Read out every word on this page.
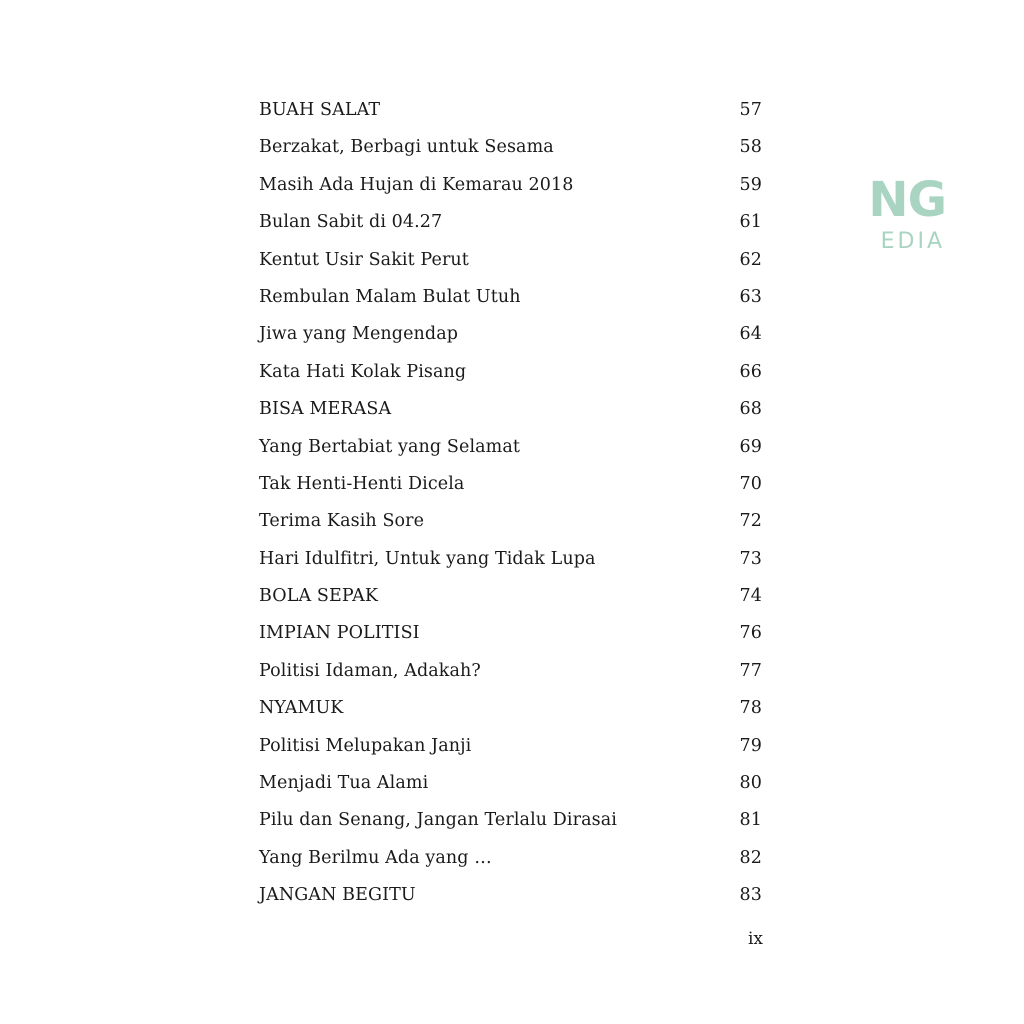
BUAH SALAT	57
Berzakat, Berbagi untuk Sesama	58
Masih Ada Hujan di Kemarau 2018	59
Bulan Sabit di 04.27	61
Kentut Usir Sakit Perut	62
Rembulan Malam Bulat Utuh	63
Jiwa yang Mengendap	64
Kata Hati Kolak Pisang	66
BISA MERASA	68
Yang Bertabiat yang Selamat	69
Tak Henti-Henti Dicela	70
Terima Kasih Sore	72
Hari Idulfitri, Untuk yang Tidak Lupa	73
BOLA SEPAK	74
IMPIAN POLITISI	76
Politisi Idaman, Adakah?	77
NYAMUK	78
Politisi Melupakan Janji	79
Menjadi Tua Alami	80
Pilu dan Senang, Jangan Terlalu Dirasai	81
Yang Berilmu Ada yang …	82
JANGAN BEGITU	83
ix
NG
EDIA
